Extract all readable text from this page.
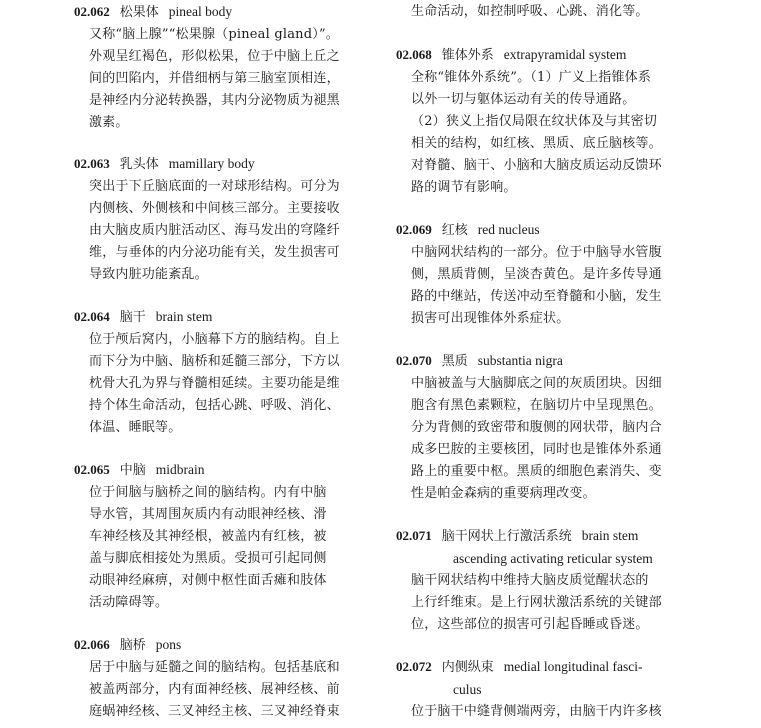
02.062 松果体 pineal body
又称“脑上腺”“松果腺（pineal gland）”。
外观呈红褐色，形似松果，位于中脑上丘之
间的凹陷内，并借细柄与第三脑室顶相连，
是神经内分泌转换器，其内分泌物质为褪黑
激素。
02.063 乳头体 mamillary body
突出于下丘脑底面的一对球形结构。可分为
内侧核、外侧核和中间核三部分。主要接收
由大脑皮质内脏活动区、海马发出的穹隆纤
维，与垂体的内分泌功能有关，发生损害可
导致内脏功能紊乱。
02.064 脑干 brain stem
位于颅后窝内，小脑幕下方的脑结构。自上
而下分为中脑、脑桥和延髓三部分，下方以
枕骨大孔为界与脊髓相延续。主要功能是维
持个体生命活动，包括心跳、呼吸、消化、
体温、睡眠等。
02.065 中脑 midbrain
位于间脑与脑桥之间的脑结构。内有中脑
导水管，其周围灰质内有动眼神经核、滑
车神经核及其神经根，被盖内有红核，被
盖与脚底相接处为黑质。受损可引起同侧
动眼神经麻痹，对侧中枢性面舌瘫和肢体
活动障碍等。
02.066 脑桥 pons
居于中脑与延髓之间的脑结构。包括基底和
被盖两部分，内有面神经核、展神经核、前
庭蜗神经核、三叉神经主核、三叉神经脊束
生命活动，如控制呼吸、心跳、消化等。
02.068 锥体外系 extrapyramidal system
全称“锥体外系统”。（1）广义上指锥体系
以外一切与躯体运动有关的传导通路。
（2）狭义上指仅局限在纹状体及与其密切
相关的结构，如红核、黑质、底丘脑核等。
对脊髓、脑干、小脑和大脑皮质运动反馈环
路的调节有影响。
02.069 红核 red nucleus
中脑网状结构的一部分。位于中脑导水管腹
侧，黑质背侧，呈淡杏黄色。是许多传导通
路的中继站，传送冲动至脊髓和小脑，发生
损害可出现锥体外系症状。
02.070 黑质 substantia nigra
中脑被盖与大脑脚底之间的灰质团块。因细
胞含有黑色素颗粒，在脑切片中呈现黑色。
分为背侧的致密带和腹侧的网状带，脑内合
成多巴胺的主要核团，同时也是锥体外系通
路上的重要中枢。黑质的细胞色素消失、变
性是帕金森病的重要病理改变。
02.071 脑干网状上行激活系统 brain stem
ascending activating reticular system
脑干网状结构中维持大脑皮质觉醒状态的
上行纤维束。是上行网状激活系统的关键部
位，这些部位的损害可引起昏睡或昏迷。
02.072 内侧纵束 medial longitudinal fasci-
culus
位于脑干中缝背侧端两旁，由脑干内许多核
